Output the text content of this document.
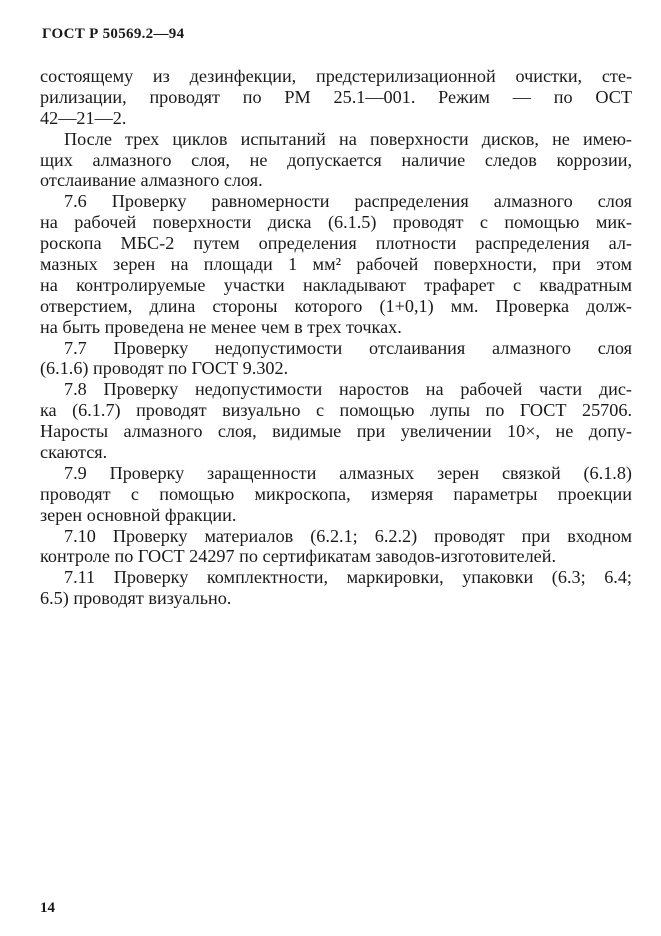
ГОСТ Р 50569.2—94
состоящему из дезинфекции, предстерилизационной очистки, сте-
рилизации, проводят по РМ 25.1—001. Режим — по ОСТ
42—21—2.
После трех циклов испытаний на поверхности дисков, не имею-
щих алмазного слоя, не допускается наличие следов коррозии,
отслаивание алмазного слоя.
7.6 Проверку равномерности распределения алмазного слоя
на рабочей поверхности диска (6.1.5) проводят с помощью мик-
роскопа МБС-2 путем определения плотности распределения ал-
мазных зерен на площади 1 мм² рабочей поверхности, при этом
на контролируемые участки накладывают трафарет с квадратным
отверстием, длина стороны которого (1+0,1) мм. Проверка долж-
на быть проведена не менее чем в трех точках.
7.7 Проверку недопустимости отслаивания алмазного слоя
(6.1.6) проводят по ГОСТ 9.302.
7.8 Проверку недопустимости наростов на рабочей части дис-
ка (6.1.7) проводят визуально с помощью лупы по ГОСТ 25706.
Наросты алмазного слоя, видимые при увеличении 10×, не допу-
скаются.
7.9 Проверку заращенности алмазных зерен связкой (6.1.8)
проводят с помощью микроскопа, измеряя параметры проекции
зерен основной фракции.
7.10 Проверку материалов (6.2.1; 6.2.2) проводят при входном
контроле по ГОСТ 24297 по сертификатам заводов-изготовителей.
7.11 Проверку комплектности, маркировки, упаковки (6.3; 6.4;
6.5) проводят визуально.
14
